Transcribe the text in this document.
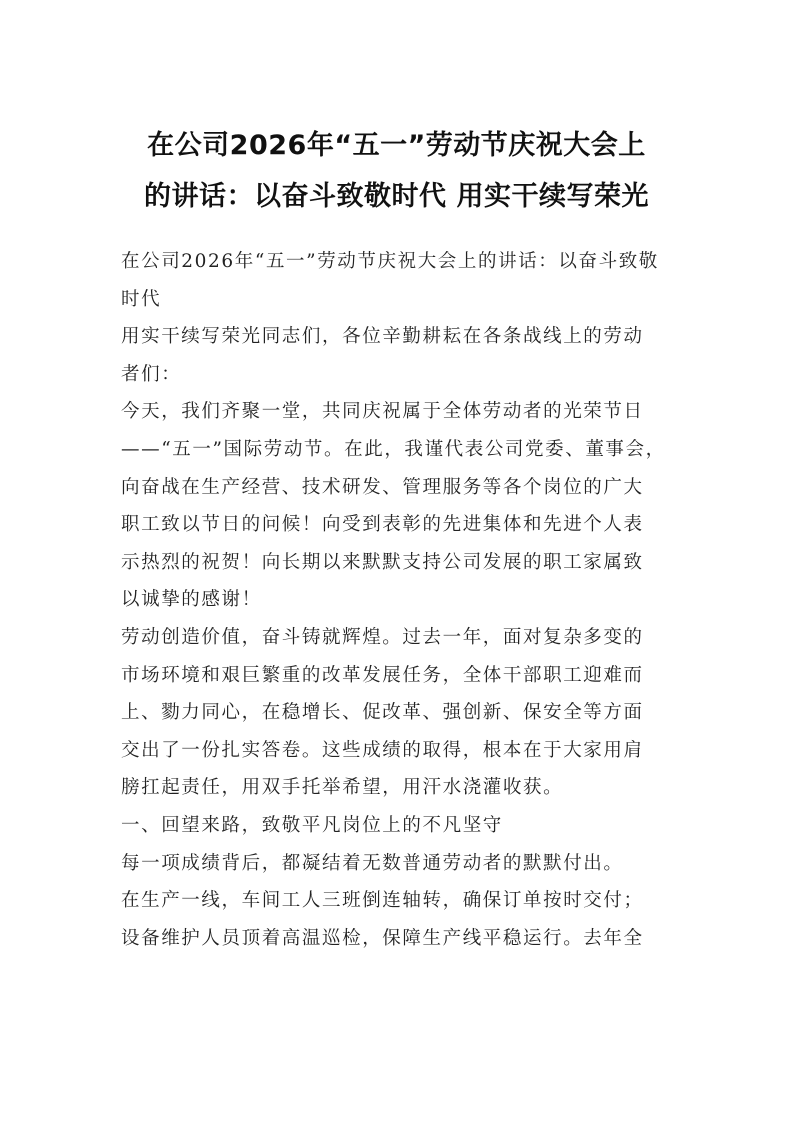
在公司2026年“五一”劳动节庆祝大会上
的讲话：以奋斗致敬时代 用实干续写荣光
在公司2026年“五一”劳动节庆祝大会上的讲话：以奋斗致敬
时代
用实干续写荣光同志们，各位辛勤耕耘在各条战线上的劳动
者们：
今天，我们齐聚一堂，共同庆祝属于全体劳动者的光荣节日
——“五一”国际劳动节。在此，我谨代表公司党委、董事会，
向奋战在生产经营、技术研发、管理服务等各个岗位的广大
职工致以节日的问候！向受到表彰的先进集体和先进个人表
示热烈的祝贺！向长期以来默默支持公司发展的职工家属致
以诚挚的感谢！
劳动创造价值，奋斗铸就辉煌。过去一年，面对复杂多变的
市场环境和艰巨繁重的改革发展任务，全体干部职工迎难而
上、勠力同心，在稳增长、促改革、强创新、保安全等方面
交出了一份扎实答卷。这些成绩的取得，根本在于大家用肩
膀扛起责任，用双手托举希望，用汗水浇灌收获。
一、回望来路，致敬平凡岗位上的不凡坚守
每一项成绩背后，都凝结着无数普通劳动者的默默付出。
在生产一线，车间工人三班倒连轴转，确保订单按时交付；
设备维护人员顶着高温巡检，保障生产线平稳运行。去年全
